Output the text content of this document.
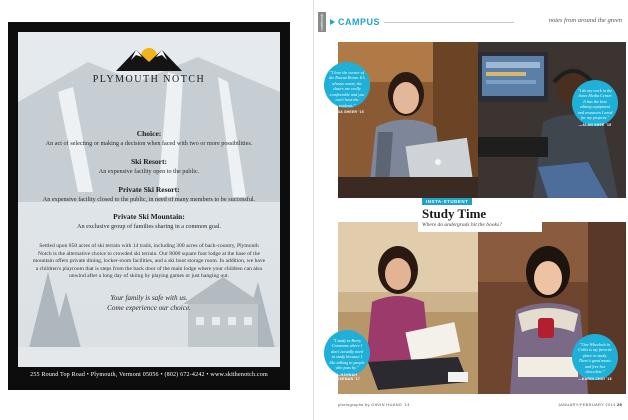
PLYMOUTH NOTCH
Choice:
An act of selecting or making a decision when faced with two or more possibilities.
Ski Resort:
An expensive facility open to the public.
Private Ski Resort:
An expensive facility closed to the public, in need of many members to be successful.
Private Ski Mountain:
An exclusive group of families sharing in a common goal.
Settled upon 850 acres of ski terrain with 14 trails, including 300 acres of back-country, Plymouth Notch is the alternative choice to crowded ski terrain. Our 8000 square foot lodge at the base of the mountain offers private dining, locker-room facilities, and a ski boot storage room. In addition, we have a children's playroom that is steps from the back door of the main lodge where your children can also unwind after a long day of skiing by playing games or just hanging out.
Your family is safe with us.
Come experience our choice.
255 Round Top Road • Plymouth, Vermont 05056 • (802) 672-4242 • www.skithenotch.com
notebook CAMPUS	notes from around the green
"I love the corner of the Rowan Room. It's always warm, the chairs are really comfortable and you can't hear the students."
—RISA SHEER '15
"I do my work in the Jones Media Center. It has the best editing equipment and resources I need for my projects."
—ALAN SHEE '15
"I study in Berry Commons where I don't actually need to study because I like talking to people who pass by."
—HANNAH ROSEMAN '17
"One Wheelock in Collis is my favorite place to study. There's good music and free hot chocolate."
—KARIN CHOI '16
INSTA-STUDENT
Study Time
Where do undergrads hit the books?
photographs by GAVIN HUANG '14	JANUARY/FEBRUARY 2014 25
